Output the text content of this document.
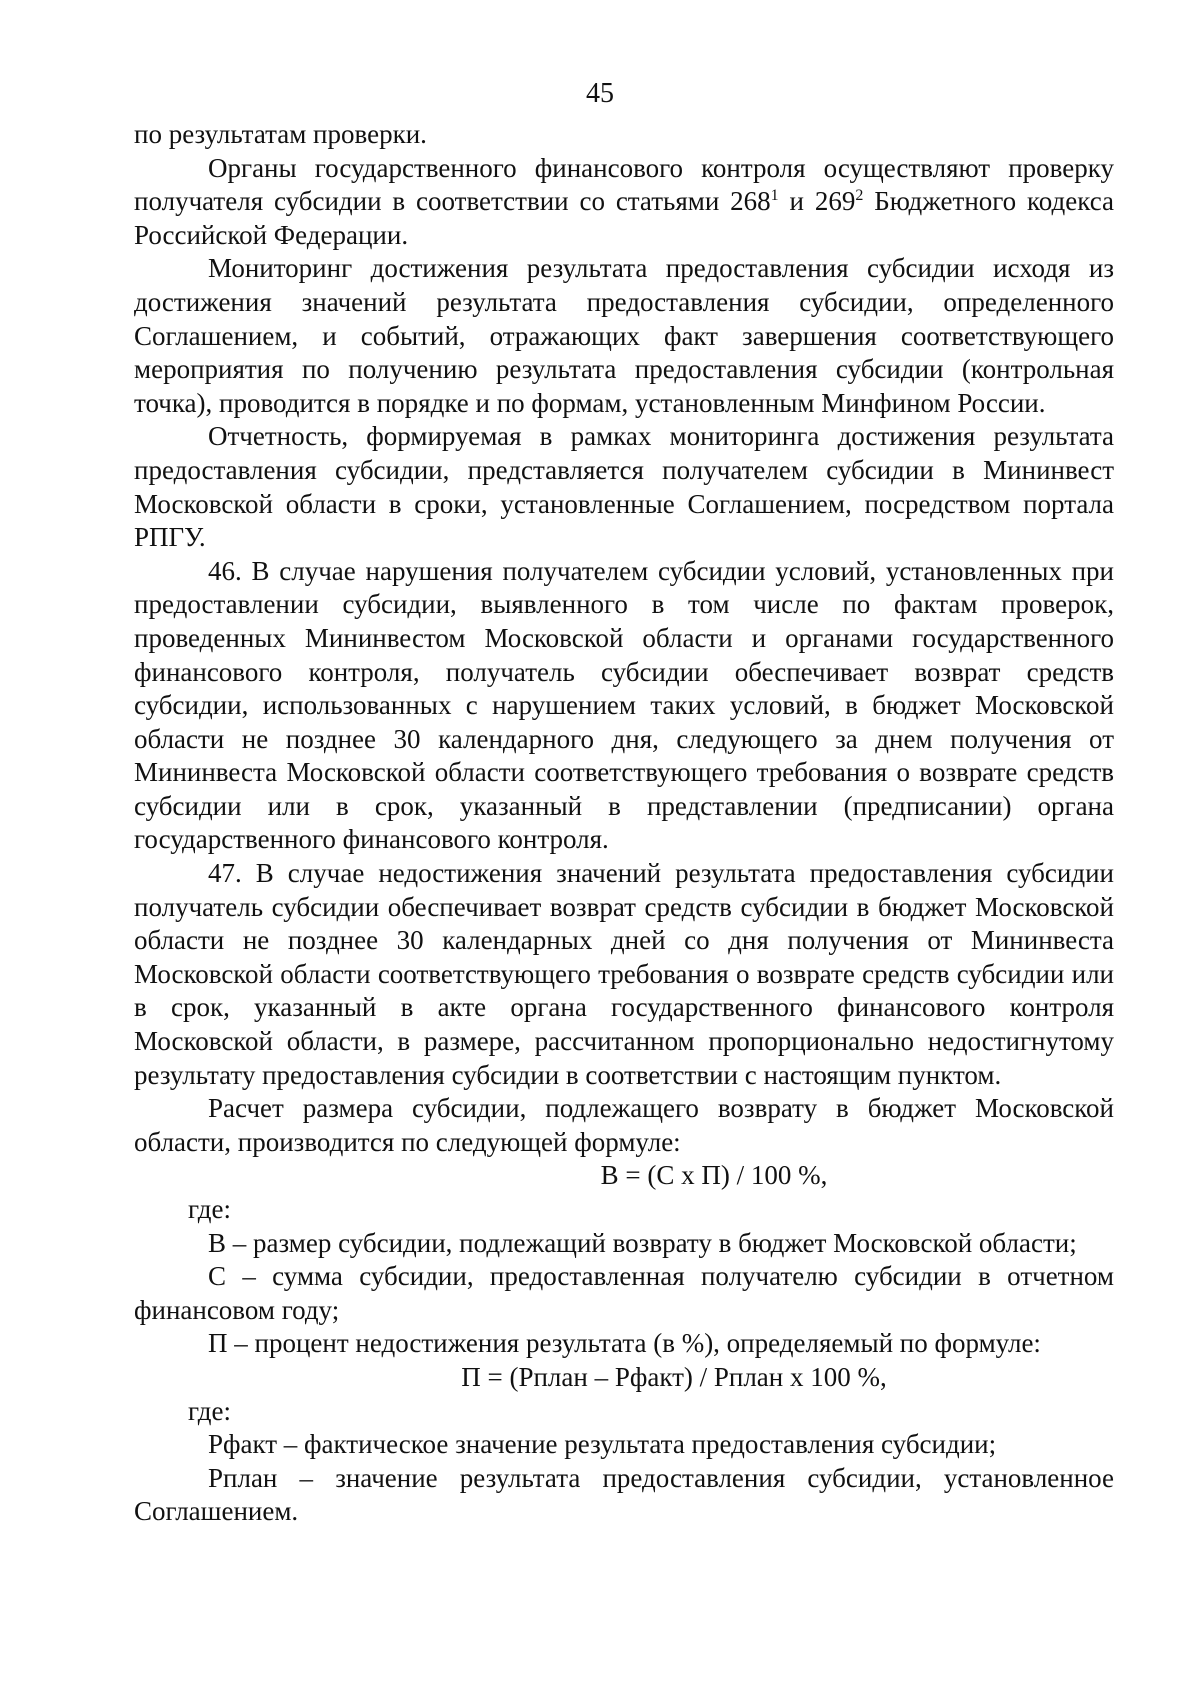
45

по результатам проверки.

Органы государственного финансового контроля осуществляют проверку получателя субсидии в соответствии со статьями $268^1$ и $269^2$ Бюджетного кодекса Российской Федерации.

Мониторинг достижения результата предоставления субсидии исходя из достижения значений результата предоставления субсидии, определенного Соглашением, и событий, отражающих факт завершения соответствующего мероприятия по получению результата предоставления субсидии (контрольная точка), проводится в порядке и по формам, установленным Минфином России.

Отчетность, формируемая в рамках мониторинга достижения результата предоставления субсидии, представляется получателем субсидии в Мининвест Московской области в сроки, установленные Соглашением, посредством портала РПГУ.

46. В случае нарушения получателем субсидии условий, установленных при предоставлении субсидии, выявленного в том числе по фактам проверок, проведенных Мининвестом Московской области и органами государственного финансового контроля, получатель субсидии обеспечивает возврат средств субсидии, использованных с нарушением таких условий, в бюджет Московской области не позднее 30 календарного дня, следующего за днем получения от Мининвеста Московской области соответствующего требования о возврате средств субсидии или в срок, указанный в представлении (предписании) органа государственного финансового контроля.

47. В случае недостижения значений результата предоставления субсидии получатель субсидии обеспечивает возврат средств субсидии в бюджет Московской области не позднее 30 календарных дней со дня получения от Мининвеста Московской области соответствующего требования о возврате средств субсидии или в срок, указанный в акте органа государственного финансового контроля Московской области, в размере, рассчитанном пропорционально недостигнутому результату предоставления субсидии в соответствии с настоящим пунктом.

Расчет размера субсидии, подлежащего возврату в бюджет Московской области, производится по следующей формуле:

В = (С х П) / 100 %,

где:

В – размер субсидии, подлежащий возврату в бюджет Московской области;

С – сумма субсидии, предоставленная получателю субсидии в отчетном финансовом году;

П – процент недостижения результата (в %), определяемый по формуле:

П = (Рплан – Рфакт) / Рплан х 100 %,

где:

Рфакт – фактическое значение результата предоставления субсидии;

Рплан – значение результата предоставления субсидии, установленное Соглашением.
